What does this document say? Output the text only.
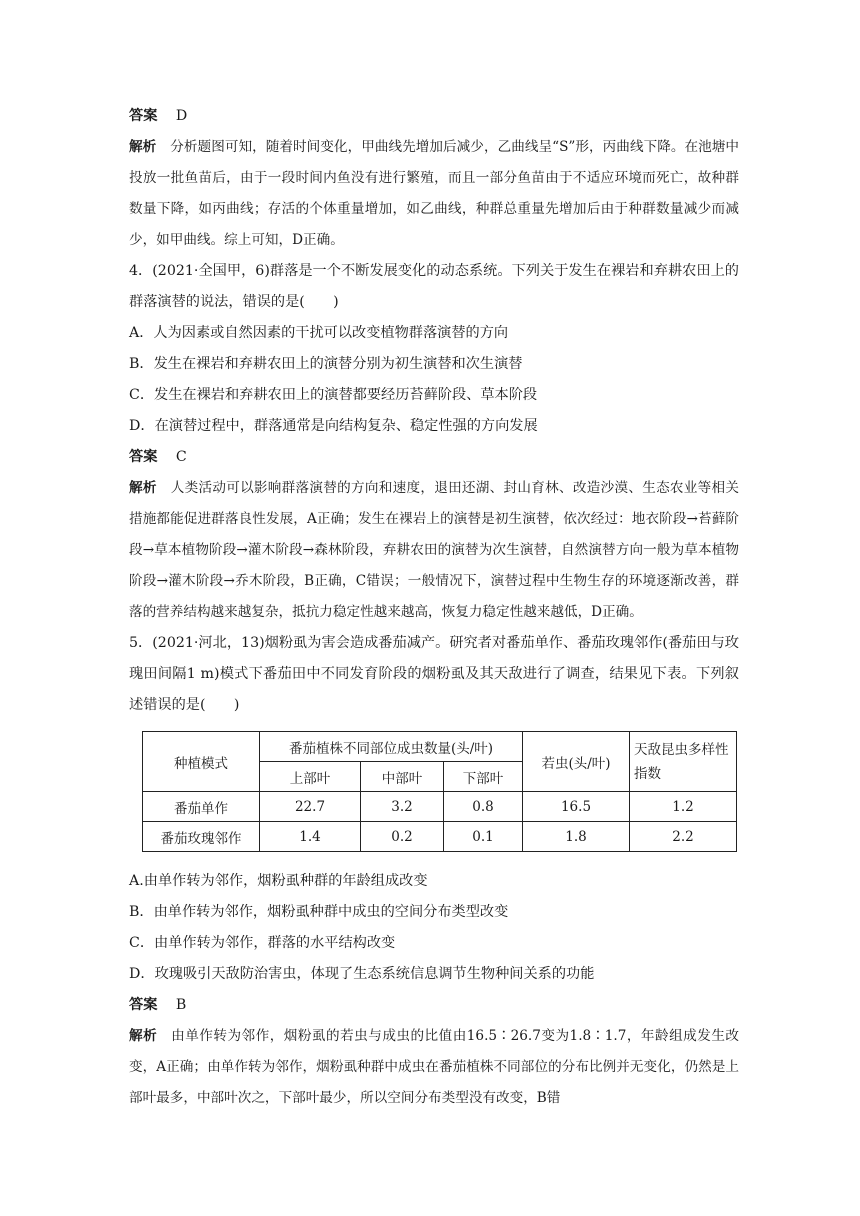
答案 D
解析 分析题图可知，随着时间变化，甲曲线先增加后减少，乙曲线呈“S”形，丙曲线下降。在池塘中投放一批鱼苗后，由于一段时间内鱼没有进行繁殖，而且一部分鱼苗由于不适应环境而死亡，故种群数量下降，如丙曲线；存活的个体重量增加，如乙曲线，种群总重量先增加后由于种群数量减少而减少，如甲曲线。综上可知，D正确。
4．(2021·全国甲，6)群落是一个不断发展变化的动态系统。下列关于发生在裸岩和弃耕农田上的群落演替的说法，错误的是(　　)
A．人为因素或自然因素的干扰可以改变植物群落演替的方向
B．发生在裸岩和弃耕农田上的演替分别为初生演替和次生演替
C．发生在裸岩和弃耕农田上的演替都要经历苔藓阶段、草本阶段
D．在演替过程中，群落通常是向结构复杂、稳定性强的方向发展
答案 C
解析 人类活动可以影响群落演替的方向和速度，退田还湖、封山育林、改造沙漠、生态农业等相关措施都能促进群落良性发展，A正确；发生在裸岩上的演替是初生演替，依次经过：地衣阶段→苔藓阶段→草本植物阶段→灌木阶段→森林阶段，弃耕农田的演替为次生演替，自然演替方向一般为草本植物阶段→灌木阶段→乔木阶段，B正确，C错误；一般情况下，演替过程中生物生存的环境逐渐改善，群落的营养结构越来越复杂，抵抗力稳定性越来越高，恢复力稳定性越来越低，D正确。
5．(2021·河北，13)烟粉虱为害会造成番茄减产。研究者对番茄单作、番茄玫瑰邻作(番茄田与玫瑰田间隔1 m)模式下番茄田中不同发育阶段的烟粉虱及其天敌进行了调查，结果见下表。下列叙述错误的是(　　)
种植模式	番茄植株不同部位成虫数量(头/叶)			若虫(头/叶)	天敌昆虫多样性指数
	上部叶	中部叶	下部叶		
番茄单作	22.7	3.2	0.8	16.5	1.2
番茄玫瑰邻作	1.4	0.2	0.1	1.8	2.2
A.由单作转为邻作，烟粉虱种群的年龄组成改变
B．由单作转为邻作，烟粉虱种群中成虫的空间分布类型改变
C．由单作转为邻作，群落的水平结构改变
D．玫瑰吸引天敌防治害虫，体现了生态系统信息调节生物种间关系的功能
答案 B
解析 由单作转为邻作，烟粉虱的若虫与成虫的比值由16.5∶26.7变为1.8∶1.7，年龄组成发生改变，A正确；由单作转为邻作，烟粉虱种群中成虫在番茄植株不同部位的分布比例并无变化，仍然是上部叶最多，中部叶次之，下部叶最少，所以空间分布类型没有改变，B错
